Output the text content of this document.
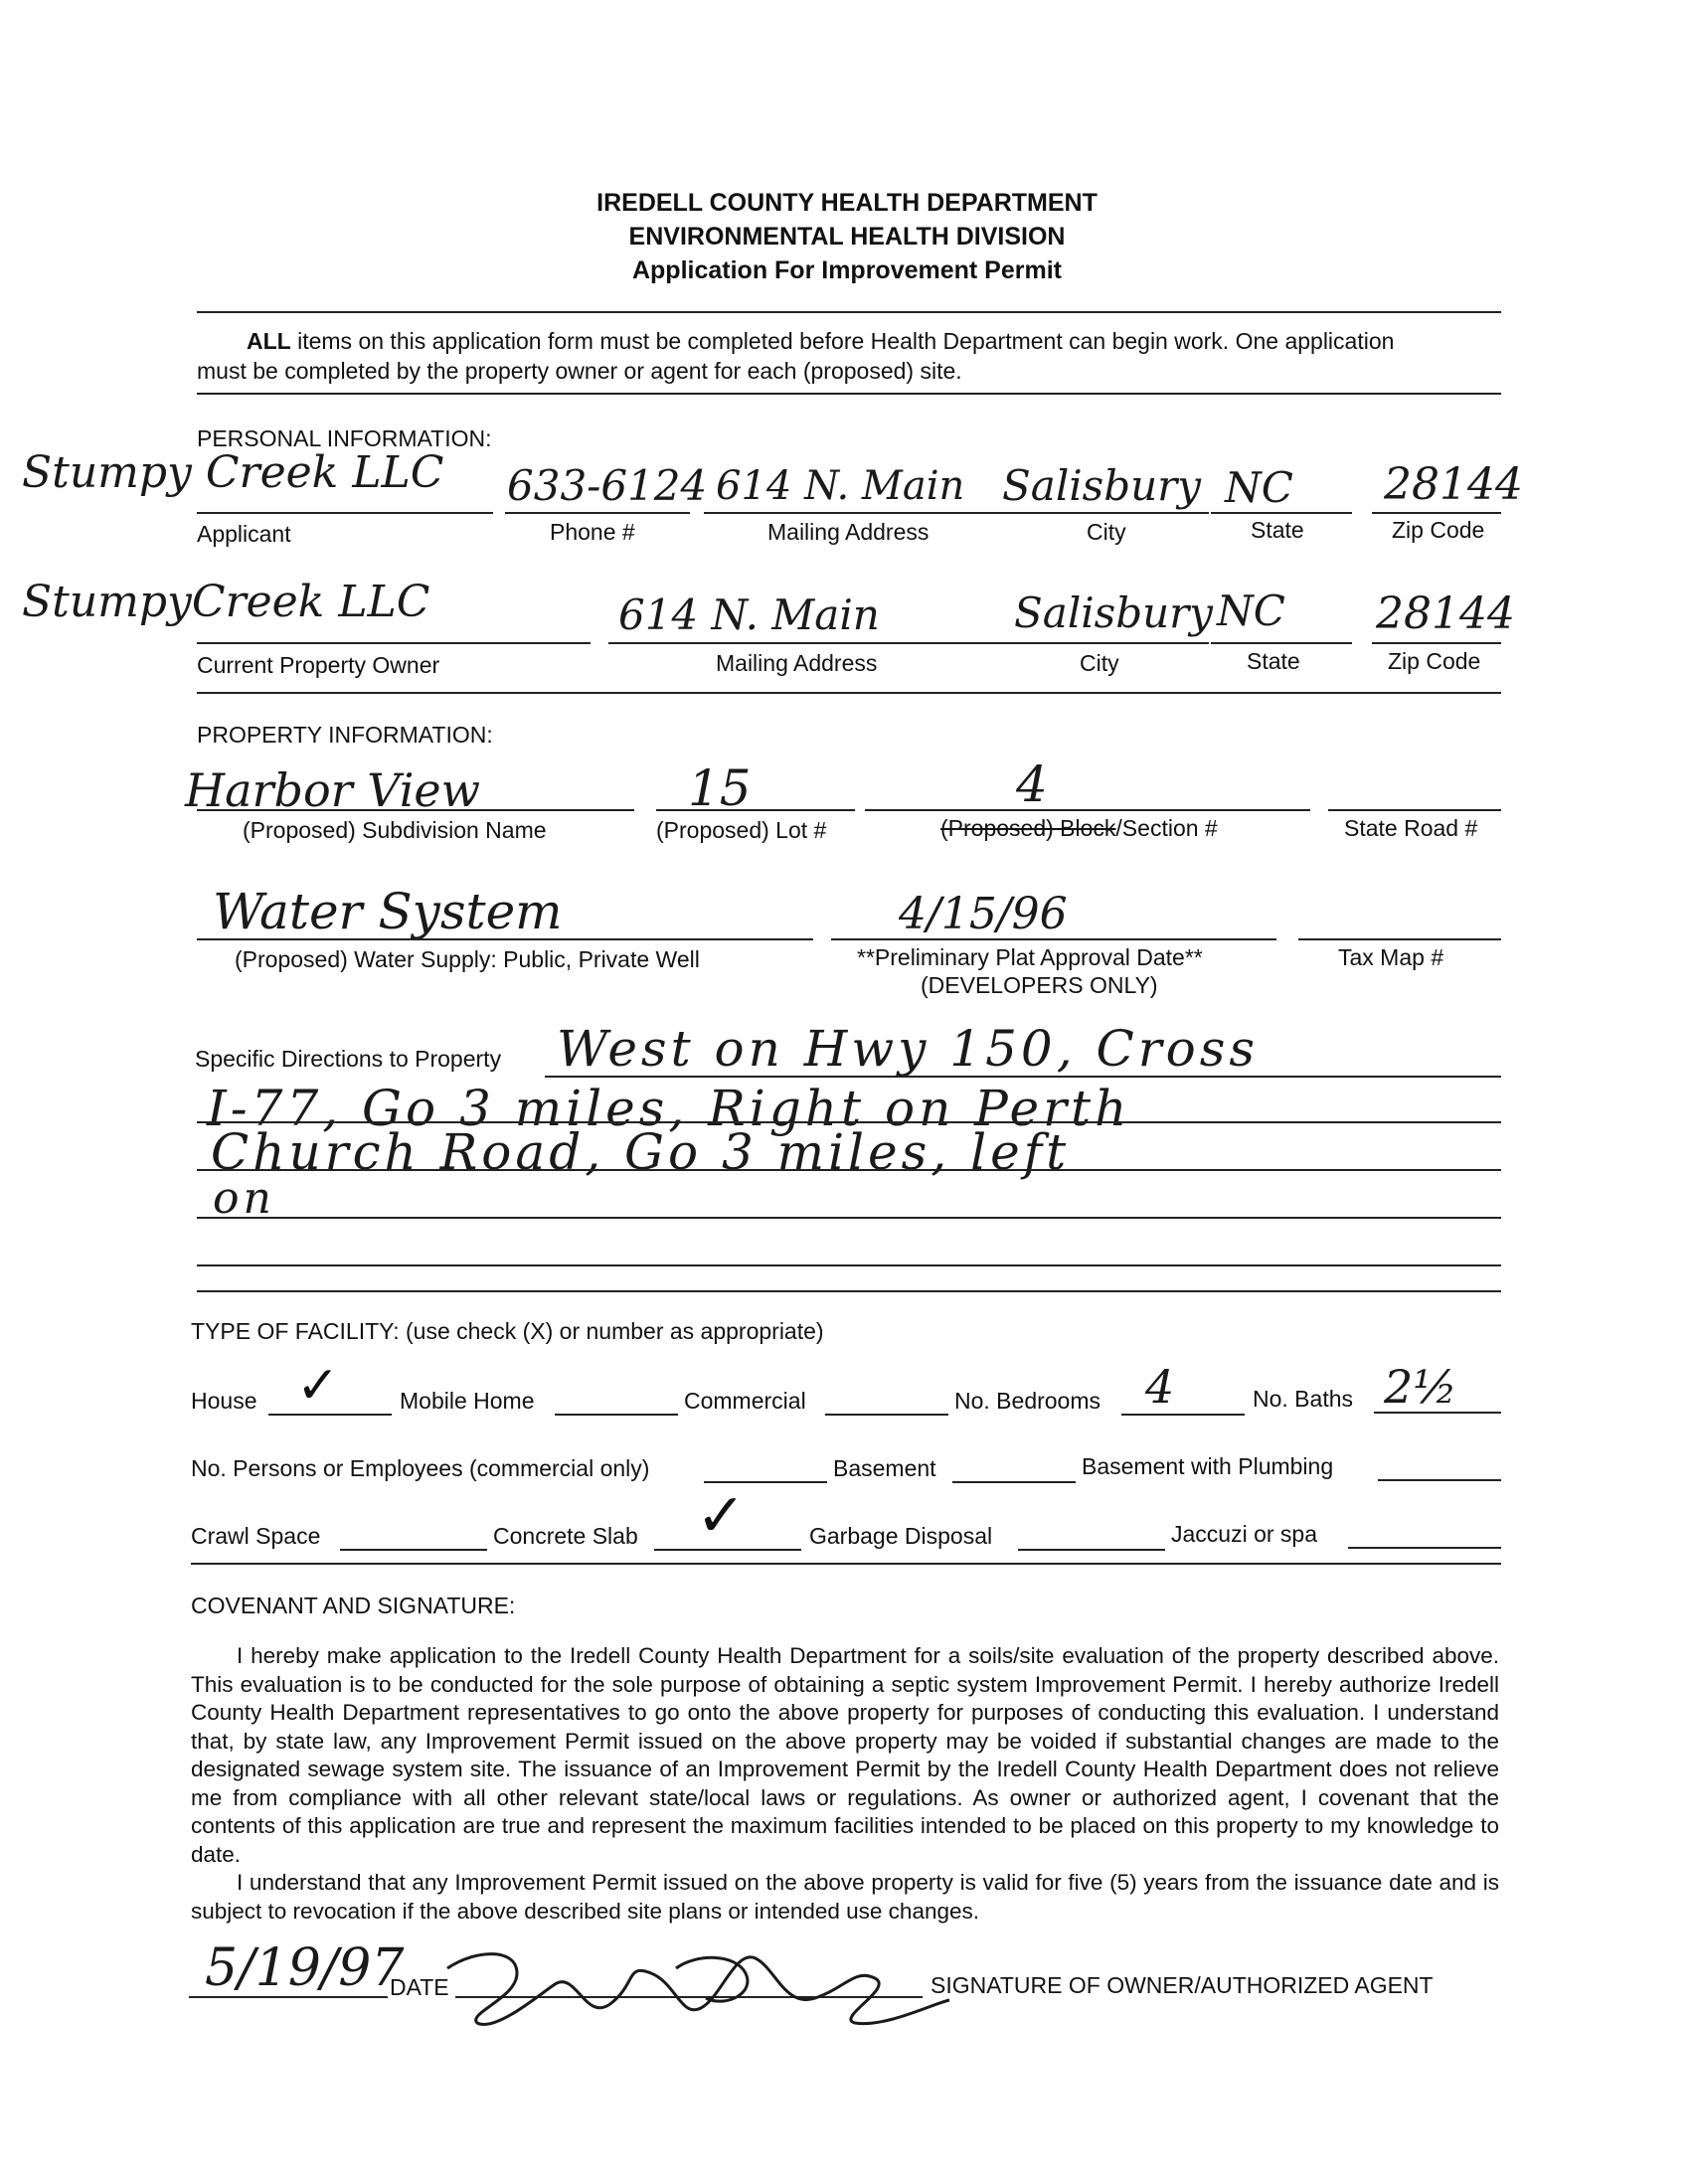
IREDELL COUNTY HEALTH DEPARTMENT
ENVIRONMENTAL HEALTH DIVISION
Application For Improvement Permit
ALL items on this application form must be completed before Health Department can begin work. One application
must be completed by the property owner or agent for each (proposed) site.
PERSONAL INFORMATION:
Stumpy Creek LLC 633-6124 614 N. Main Salisbury NC 28144
Applicant	Phone #	Mailing Address	City	State	Zip Code
StumpyCreek LLC	614 N. Main	Salisbury NC 28144
Current Property Owner	Mailing Address	City	State	Zip Code
PROPERTY INFORMATION:
Harbor View	15	4
(Proposed) Subdivision Name	(Proposed) Lot #	(Proposed) Block/Section #	State Road #
Water System	4/15/96
(Proposed) Water Supply: Public, Private Well	**Preliminary Plat Approval Date**
(DEVELOPERS ONLY)
Tax Map #
Specific Directions to Property West on Hwy 150, Cross
I-77, Go 3 miles, Right on Perth
Church Road, Go 3 miles, left
on
TYPE OF FACILITY: (use check (X) or number as appropriate)
House ✓	Mobile Home	Commercial	No. Bedrooms 4	No. Baths 2½
No. Persons or Employees (commercial only)	Basement	Basement with Plumbing
Crawl Space	Concrete Slab ✓	Garbage Disposal	Jaccuzi or spa
COVENANT AND SIGNATURE:

I hereby make application to the Iredell County Health Department for a soils/site evaluation of the property described above. This evaluation is to be conducted for the sole purpose of obtaining a septic system Improvement Permit. I hereby authorize Iredell County Health Department representatives to go onto the above property for purposes of conducting this evaluation. I understand that, by state law, any Improvement Permit issued on the above property may be voided if substantial changes are made to the designated sewage system site. The issuance of an Improvement Permit by the Iredell County Health Department does not relieve me from compliance with all other relevant state/local laws or regulations. As owner or authorized agent, I covenant that the contents of this application are true and represent the maximum facilities intended to be placed on this property to my knowledge to date.

I understand that any Improvement Permit issued on the above property is valid for five (5) years from the issuance date and is subject to revocation if the above described site plans or intended use changes.

5/19/97
DATE	SIGNATURE OF OWNER/AUTHORIZED AGENT
